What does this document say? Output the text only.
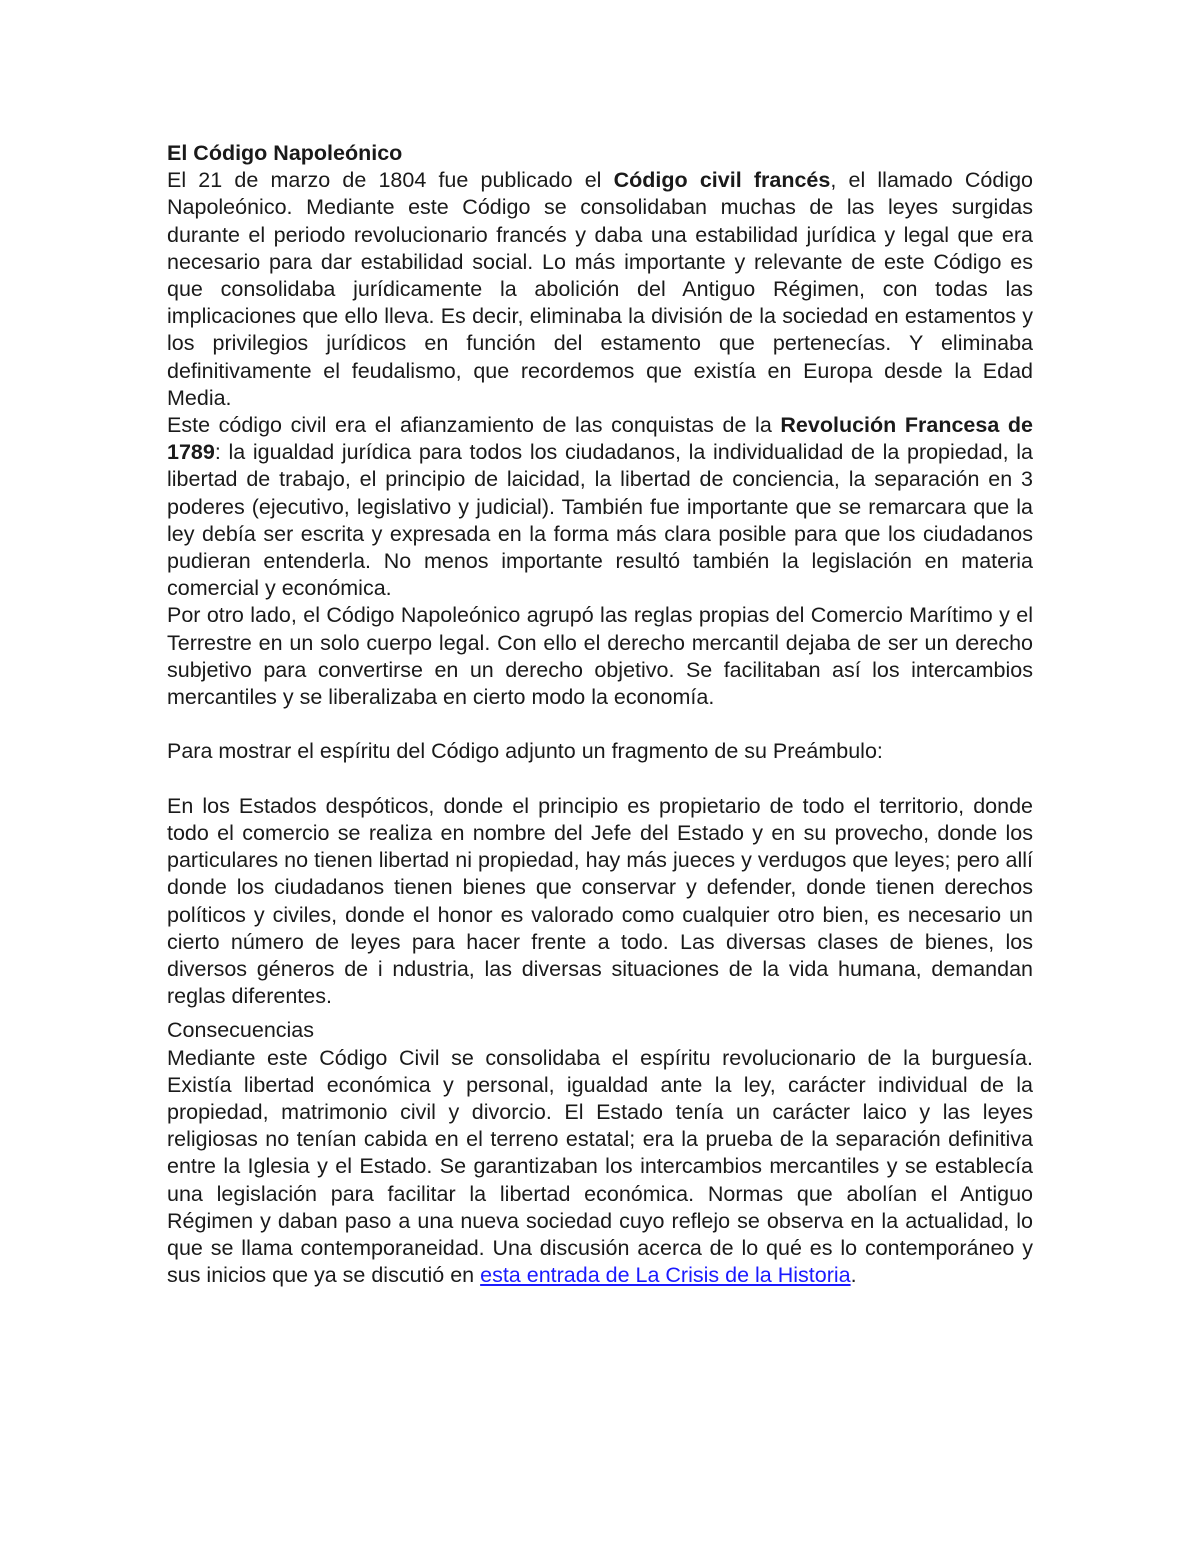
El Código Napoleónico

El 21 de marzo de 1804 fue publicado el Código civil francés, el llamado Código Napoleónico. Mediante este Código se consolidaban muchas de las leyes surgidas durante el periodo revolucionario francés y daba una estabilidad jurídica y legal que era necesario para dar estabilidad social. Lo más importante y relevante de este Código es que consolidaba jurídicamente la abolición del Antiguo Régimen, con todas las implicaciones que ello lleva. Es decir, eliminaba la división de la sociedad en estamentos y los privilegios jurídicos en función del estamento que pertenecías. Y eliminaba definitivamente el feudalismo, que recordemos que existía en Europa desde la Edad Media.

Este código civil era el afianzamiento de las conquistas de la Revolución Francesa de 1789: la igualdad jurídica para todos los ciudadanos, la individualidad de la propiedad, la libertad de trabajo, el principio de laicidad, la libertad de conciencia, la separación en 3 poderes (ejecutivo, legislativo y judicial). También fue importante que se remarcara que la ley debía ser escrita y expresada en la forma más clara posible para que los ciudadanos pudieran entenderla. No menos importante resultó también la legislación en materia comercial y económica.

Por otro lado, el Código Napoleónico agrupó las reglas propias del Comercio Marítimo y el Terrestre en un solo cuerpo legal. Con ello el derecho mercantil dejaba de ser un derecho subjetivo para convertirse en un derecho objetivo. Se facilitaban así los intercambios mercantiles y se liberalizaba en cierto modo la economía.

Para mostrar el espíritu del Código adjunto un fragmento de su Preámbulo:

En los Estados despóticos, donde el principio es propietario de todo el territorio, donde todo el comercio se realiza en nombre del Jefe del Estado y en su provecho, donde los particulares no tienen libertad ni propiedad, hay más jueces y verdugos que leyes; pero allí donde los ciudadanos tienen bienes que conservar y defender, donde tienen derechos políticos y civiles, donde el honor es valorado como cualquier otro bien, es necesario un cierto número de leyes para hacer frente a todo. Las diversas clases de bienes, los diversos géneros de i ndustria, las diversas situaciones de la vida humana, demandan reglas diferentes.

Consecuencias

Mediante este Código Civil se consolidaba el espíritu revolucionario de la burguesía. Existía libertad económica y personal, igualdad ante la ley, carácter individual de la propiedad, matrimonio civil y divorcio. El Estado tenía un carácter laico y las leyes religiosas no tenían cabida en el terreno estatal; era la prueba de la separación definitiva entre la Iglesia y el Estado. Se garantizaban los intercambios mercantiles y se establecía una legislación para facilitar la libertad económica. Normas que abolían el Antiguo Régimen y daban paso a una nueva sociedad cuyo reflejo se observa en la actualidad, lo que se llama contemporaneidad. Una discusión acerca de lo qué es lo contemporáneo y sus inicios que ya se discutió en esta entrada de La Crisis de la Historia.
